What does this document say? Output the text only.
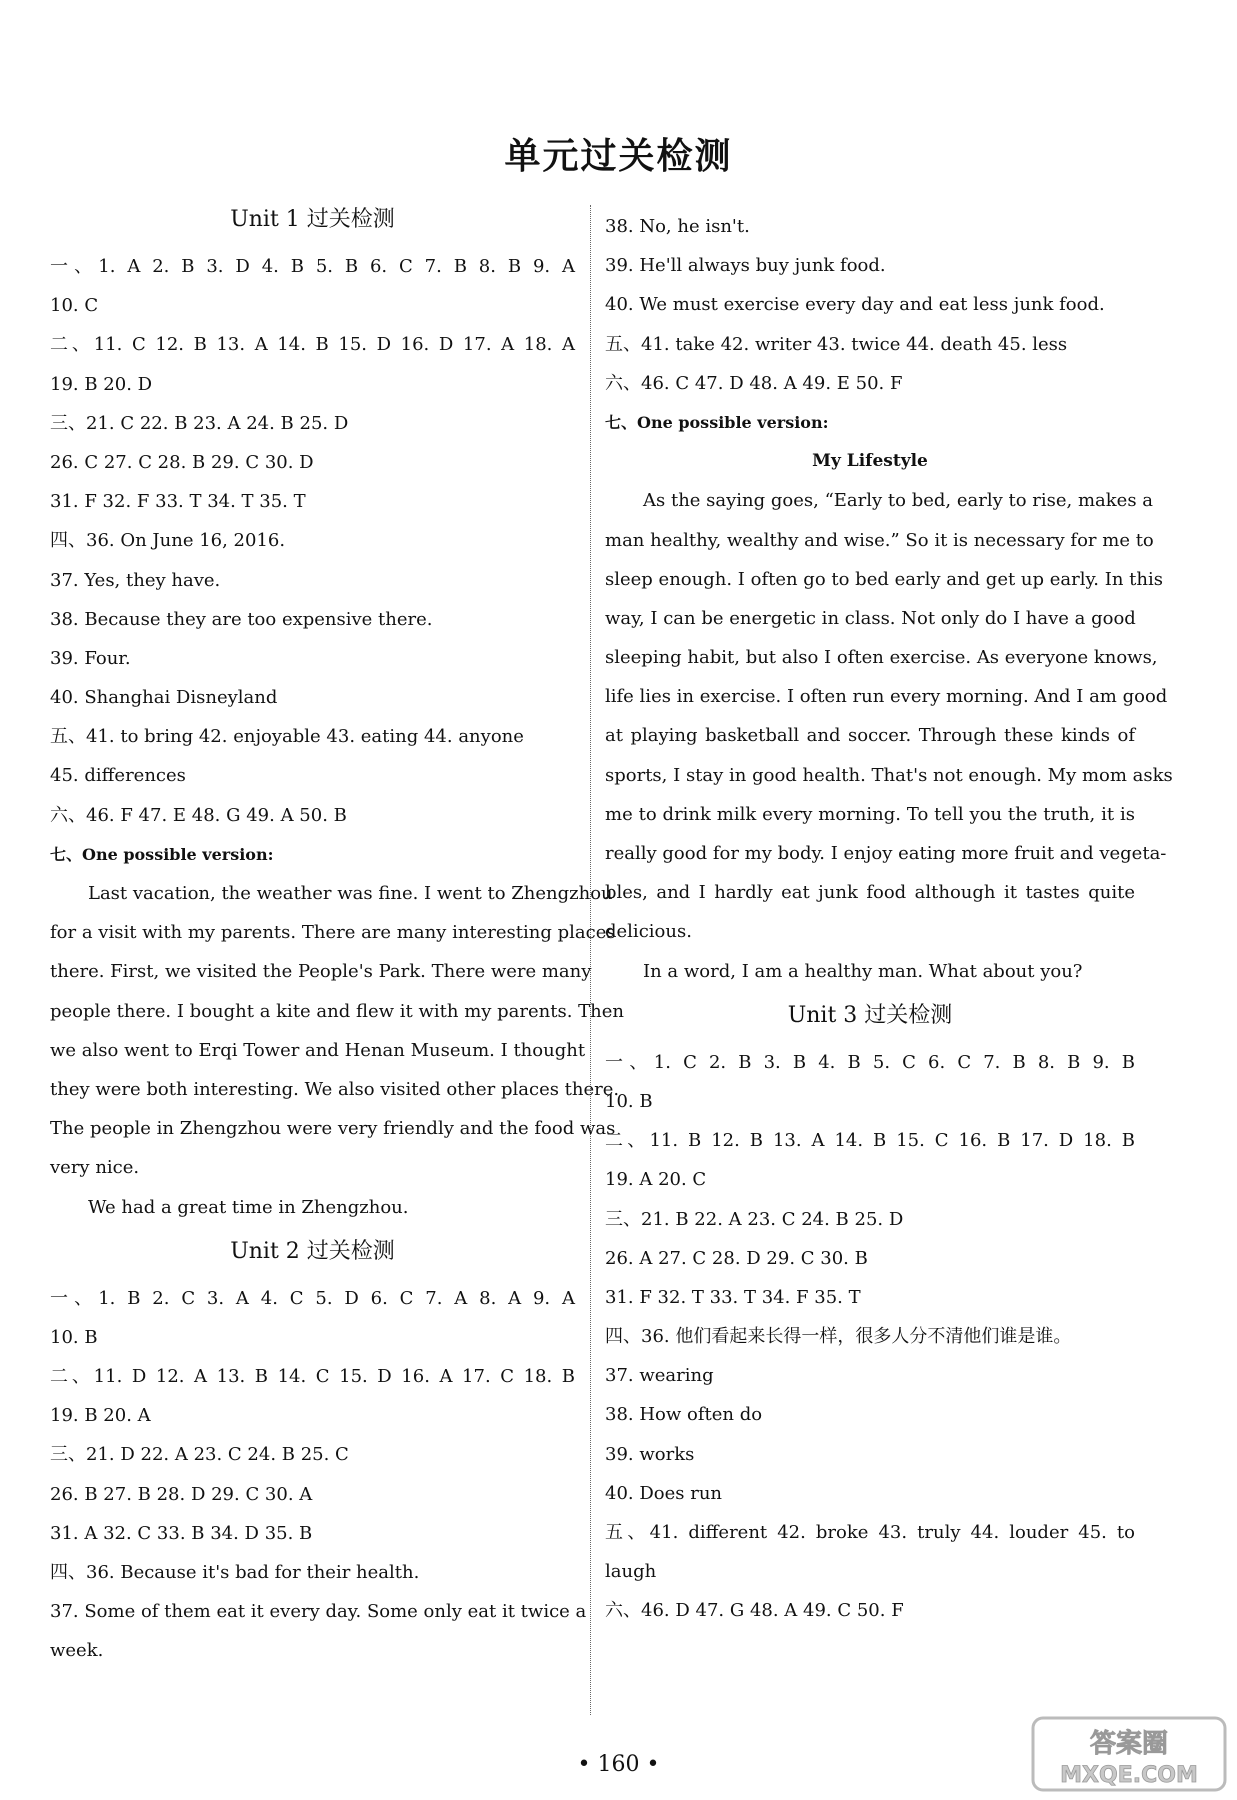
单元过关检测
Unit 1 过关检测
一、1. A 2. B 3. D 4. B 5. B 6. C 7. B 8. B 9. A
10. C
二、11. C 12. B 13. A 14. B 15. D 16. D 17. A 18. A
19. B 20. D
三、21. C 22. B 23. A 24. B 25. D
26. C 27. C 28. B 29. C 30. D
31. F 32. F 33. T 34. T 35. T
四、36. On June 16, 2016.
37. Yes, they have.
38. Because they are too expensive there.
39. Four.
40. Shanghai Disneyland
五、41. to bring 42. enjoyable 43. eating 44. anyone
45. differences
六、46. F 47. E 48. G 49. A 50. B
七、One possible version:
Last vacation, the weather was fine. I went to Zhengzhou
for a visit with my parents. There are many interesting places
there. First, we visited the People's Park. There were many
people there. I bought a kite and flew it with my parents. Then
we also went to Erqi Tower and Henan Museum. I thought
they were both interesting. We also visited other places there.
The people in Zhengzhou were very friendly and the food was
very nice.
We had a great time in Zhengzhou.
Unit 2 过关检测
一、1. B 2. C 3. A 4. C 5. D 6. C 7. A 8. A 9. A
10. B
二、11. D 12. A 13. B 14. C 15. D 16. A 17. C 18. B
19. B 20. A
三、21. D 22. A 23. C 24. B 25. C
26. B 27. B 28. D 29. C 30. A
31. A 32. C 33. B 34. D 35. B
四、36. Because it's bad for their health.
37. Some of them eat it every day. Some only eat it twice a
week.
38. No, he isn't.
39. He'll always buy junk food.
40. We must exercise every day and eat less junk food.
五、41. take 42. writer 43. twice 44. death 45. less
六、46. C 47. D 48. A 49. E 50. F
七、One possible version:
My Lifestyle
As the saying goes, “Early to bed, early to rise, makes a
man healthy, wealthy and wise.” So it is necessary for me to
sleep enough. I often go to bed early and get up early. In this
way, I can be energetic in class. Not only do I have a good
sleeping habit, but also I often exercise. As everyone knows,
life lies in exercise. I often run every morning. And I am good
at playing basketball and soccer. Through these kinds of
sports, I stay in good health. That's not enough. My mom asks
me to drink milk every morning. To tell you the truth, it is
really good for my body. I enjoy eating more fruit and vegeta-
bles, and I hardly eat junk food although it tastes quite
delicious.
In a word, I am a healthy man. What about you?
Unit 3 过关检测
一、1. C 2. B 3. B 4. B 5. C 6. C 7. B 8. B 9. B
10. B
二、11. B 12. B 13. A 14. B 15. C 16. B 17. D 18. B
19. A 20. C
三、21. B 22. A 23. C 24. B 25. D
26. A 27. C 28. D 29. C 30. B
31. F 32. T 33. T 34. F 35. T
四、36. 他们看起来长得一样，很多人分不清他们谁是谁。
37. wearing
38. How often do
39. works
40. Does run
五、41. different 42. broke 43. truly 44. louder 45. to
laugh
六、46. D 47. G 48. A 49. C 50. F
• 160 •
答案圈
MXQE.COM
